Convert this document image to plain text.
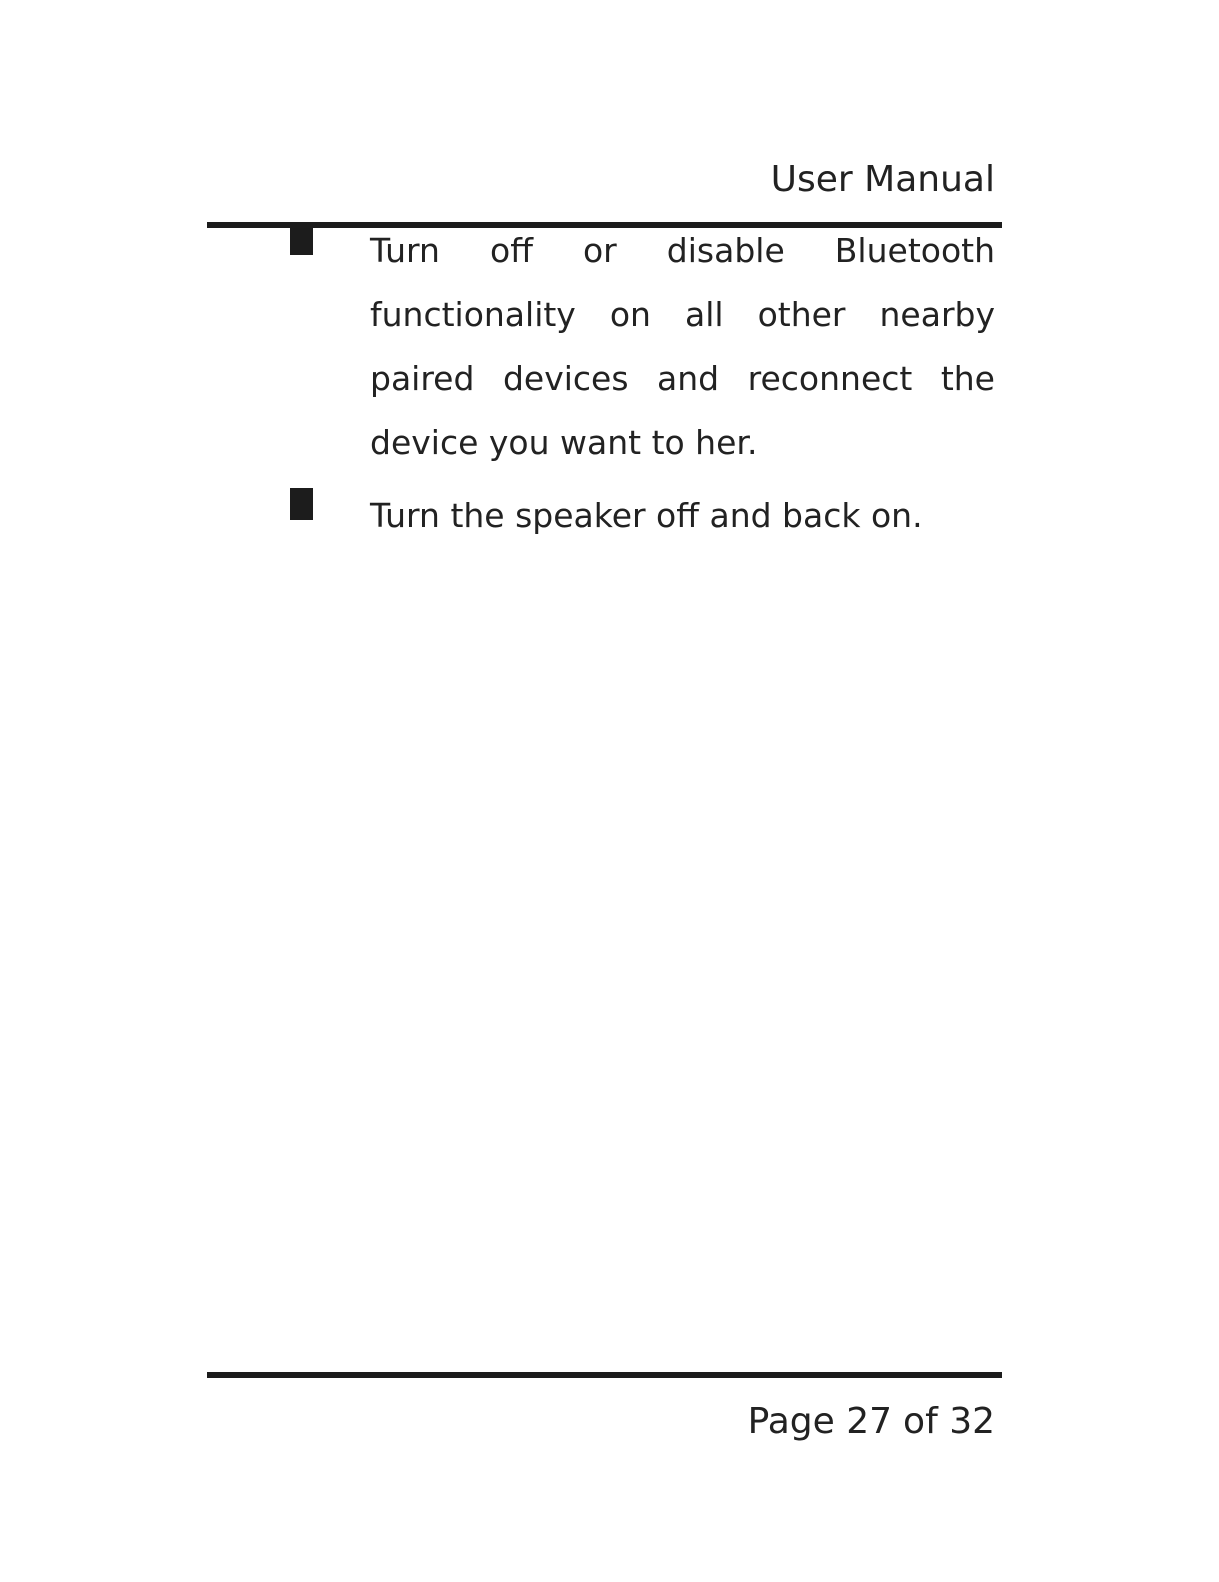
User Manual
Turn off or disable Bluetooth functionality on all other nearby paired devices and reconnect the device you want to her.
Turn the speaker off and back on.
Page 27 of 32
